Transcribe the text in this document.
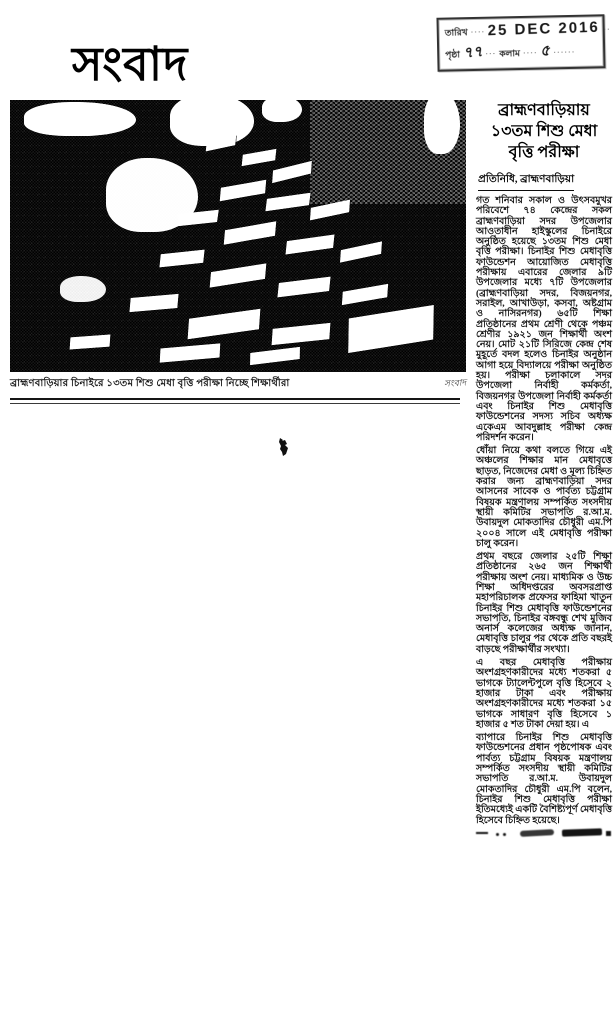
তারিখ ···· 25 DEC 2016 ··
পৃষ্ঠা ৭৭ ··· কলাম ···· ৫ ······
সংবাদ
ব্রাহ্মণবাড়িয়ার চিনাইরে ১৩তম শিশু মেধা বৃত্তি পরীক্ষা নিচ্ছে শিক্ষার্থীরা	সংবাদ
ব্রাহ্মণবাড়িয়ায়
১৩তম শিশু মেধা
বৃত্তি পরীক্ষা
প্রতিনিধি, ব্রাহ্মণবাড়িয়া

গত শনিবার সকাল ও উৎসবমুখর পরিবেশে ৭৪ কেন্দ্রের সকল ব্রাহ্মণবাড়িয়া সদর উপজেলার আওতাধীন হাইস্কুলের চিনাইরে অনুষ্ঠিত হয়েছে ১৩তম শিশু মেধা বৃত্তি পরীক্ষা। চিনাইর শিশু মেধাবৃত্তি ফাউন্ডেশন আয়োজিত মেধাবৃত্তি পরীক্ষায় এবারের জেলার ৯টি উপজেলার মধ্যে ৭টি উপজেলার (ব্রাহ্মণবাড়িয়া সদর, বিজয়নগর, সরাইল, আখাউড়া, কসবা, অষ্টগ্রাম ও নাসিরনগর) ৬৫টি শিক্ষা প্রতিষ্ঠানের প্রথম শ্রেণী থেকে পঞ্চম শ্রেণীর ১৯২১ জন শিক্ষার্থী অংশ নেয়। মোট ২১টি সিরিজে কেন্দ্র শেষ মুহূর্তে বদল হলেও চিনাইর অনুষ্ঠান আগা হয়ে বিদ্যালয়ে পরীক্ষা অনুষ্ঠিত হয়। পরীক্ষা চলাকালে সদর উপজেলা নির্বাহী কর্মকর্তা, বিজয়নগর উপজেলা নির্বাহী কর্মকর্তা এবং চিনাইর শিশু মেধাবৃত্তি ফাউন্ডেশনের সদস্য সচিব অধ্যক্ষ একেএম আবদুল্লাহ পরীক্ষা কেন্দ্র পরিদর্শন করেন।

ধোঁয়া নিয়ে কথা বলতে গিয়ে এই অঞ্চলের শিক্ষার মান মেধাবৃত্তে ছাড়ত, নিজেদের মেধা ও মূল্য চিহ্নিত করার জন্য ব্রাহ্মণবাড়িয়া সদর আসনের সাবেক ও পার্বত্য চট্টগ্রাম বিষয়ক মন্ত্রণালয় সম্পর্কিত সংসদীয় স্থায়ী কমিটির সভাপতি র.আ.ম. উবায়দুল মোকতাদির চৌধুরী এম.পি ২০০৪ সালে এই মেধাবৃত্তি পরীক্ষা চালু করেন।

প্রথম বছরে জেলার ২৫টি শিক্ষা প্রতিষ্ঠানের ২৬৫ জন শিক্ষার্থী পরীক্ষায় অংশ নেয়। মাধ্যমিক ও উচ্চ শিক্ষা অধিদপ্তরের অবসরপ্রাপ্ত মহাপরিচালক প্রফেসর ফাহিমা খাতুন চিনাইর শিশু মেধাবৃত্তি ফাউন্ডেশনের সভাপতি, চিনাইর বঙ্গবন্ধু শেখ মুজিব অনার্স কলেজের অধ্যক্ষ জানান, মেধাবৃত্তি চালুর পর থেকে প্রতি বছরই বাড়ছে পরীক্ষার্থীর সংখ্যা।

এ বছর মেধাবৃত্তি পরীক্ষায় অংশগ্রহণকারীদের মধ্যে শতকরা ৫ ভাগকে ট্যালেন্টপুলে বৃত্তি হিসেবে ২ হাজার টাকা এবং পরীক্ষায় অংশগ্রহণকারীদের মধ্যে শতকরা ১৫ ভাগকে সাধারণ বৃত্তি হিসেবে ১ হাজার ৫ শত টাকা দেয়া হয়। এ

ব্যাপারে চিনাইর শিশু মেধাবৃত্তি ফাউন্ডেশনের প্রধান পৃষ্ঠপোষক এবং পার্বত্য চট্টগ্রাম বিষয়ক মন্ত্রণালয় সম্পর্কিত সংসদীয় স্থায়ী কমিটির সভাপতি র.আ.ম. উবায়দুল মোকতাদির চৌধুরী এম.পি বলেন, চিনাইর শিশু মেধাবৃত্তি পরীক্ষা ইতিমধ্যেই একটি বৈশিষ্ট্যপূর্ণ মেধাবৃত্তি হিসেবে চিহ্নিত হয়েছে।
